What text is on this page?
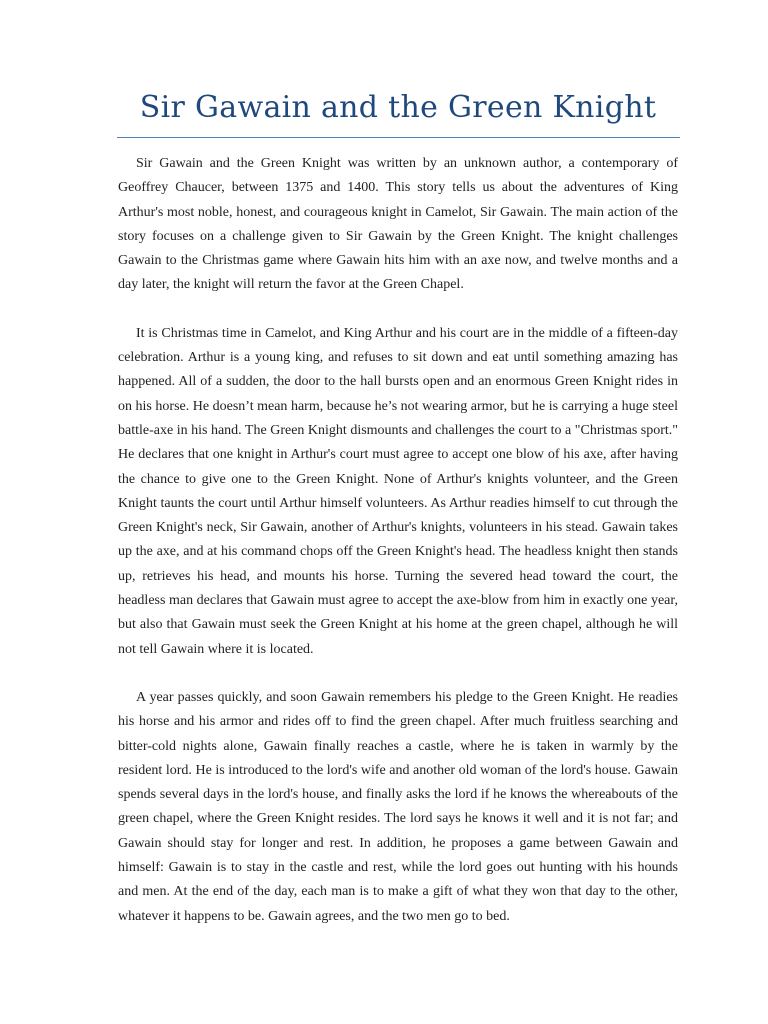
Sir Gawain and the Green Knight

Sir Gawain and the Green Knight was written by an unknown author, a contemporary of Geoffrey Chaucer, between 1375 and 1400. This story tells us about the adventures of King Arthur's most noble, honest, and courageous knight in Camelot, Sir Gawain. The main action of the story focuses on a challenge given to Sir Gawain by the Green Knight. The knight challenges Gawain to the Christmas game where Gawain hits him with an axe now, and twelve months and a day later, the knight will return the favor at the Green Chapel.

It is Christmas time in Camelot, and King Arthur and his court are in the middle of a fifteen-day celebration. Arthur is a young king, and refuses to sit down and eat until something amazing has happened. All of a sudden, the door to the hall bursts open and an enormous Green Knight rides in on his horse. He doesn’t mean harm, because he’s not wearing armor, but he is carrying a huge steel battle-axe in his hand. The Green Knight dismounts and challenges the court to a "Christmas sport." He declares that one knight in Arthur's court must agree to accept one blow of his axe, after having the chance to give one to the Green Knight. None of Arthur's knights volunteer, and the Green Knight taunts the court until Arthur himself volunteers. As Arthur readies himself to cut through the Green Knight's neck, Sir Gawain, another of Arthur's knights, volunteers in his stead. Gawain takes up the axe, and at his command chops off the Green Knight's head. The headless knight then stands up, retrieves his head, and mounts his horse. Turning the severed head toward the court, the headless man declares that Gawain must agree to accept the axe-blow from him in exactly one year, but also that Gawain must seek the Green Knight at his home at the green chapel, although he will not tell Gawain where it is located.

A year passes quickly, and soon Gawain remembers his pledge to the Green Knight. He readies his horse and his armor and rides off to find the green chapel. After much fruitless searching and bitter-cold nights alone, Gawain finally reaches a castle, where he is taken in warmly by the resident lord. He is introduced to the lord's wife and another old woman of the lord's house. Gawain spends several days in the lord's house, and finally asks the lord if he knows the whereabouts of the green chapel, where the Green Knight resides. The lord says he knows it well and it is not far; and Gawain should stay for longer and rest. In addition, he proposes a game between Gawain and himself: Gawain is to stay in the castle and rest, while the lord goes out hunting with his hounds and men. At the end of the day, each man is to make a gift of what they won that day to the other, whatever it happens to be. Gawain agrees, and the two men go to bed.
